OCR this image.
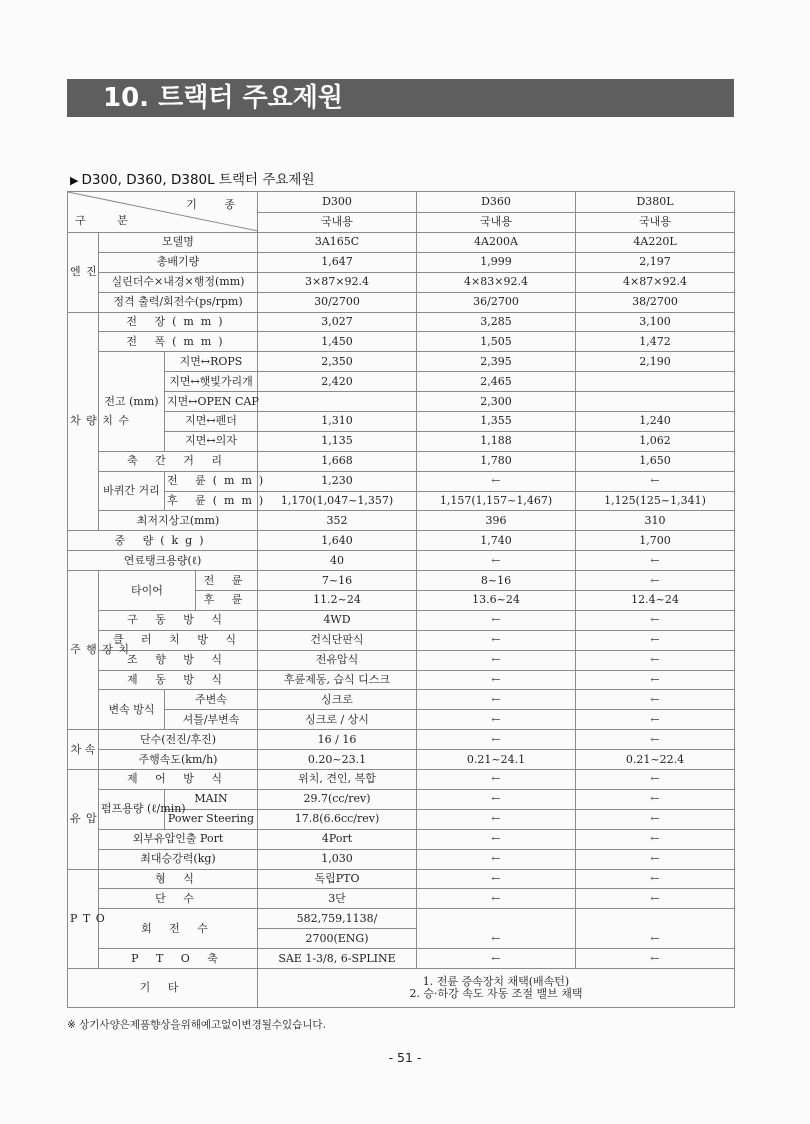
10. 트랙터 주요제원
▶ D300, D360, D380L 트랙터 주요제원
기 종
구 분				D300	D360	D380L
				국내용	국내용	국내용
엔 진	모델명			3A165C	4A200A	4A220L
	총배기량			1,647	1,999	2,197
	실린더수×내경×행정(mm)			3×87×92.4	4×83×92.4	4×87×92.4
	정격 출력/회전수(ps/rpm)			30/2700	36/2700	38/2700
차 량 치 수	전 장(mm)			3,027	3,285	3,100
	전 폭(mm)			1,450	1,505	1,472
	전고 (mm)	지면↔ROPS		2,350	2,395	2,190
		지면↔햇빛가리개		2,420	2,465	
		지면↔OPEN CAP			2,300	
		지면↔펜더		1,310	1,355	1,240
		지면↔의자		1,135	1,188	1,062
	축 간 거 리			1,668	1,780	1,650
	바퀴간 거리	전 륜(mm)		1,230	←	←
		후 륜(mm)		1,170(1,047~1,357)	1,157(1,157~1,467)	1,125(125~1,341)
	최저지상고(mm)			352	396	310
중 량(kg)				1,640	1,740	1,700
연료탱크용량(ℓ)				40	←	←
주 행 장 치	타이어		전 륜	7~16	8~16	←
			후 륜	11.2~24	13.6~24	12.4~24
	구 동 방 식			4WD	←	←
	클 러 치 방 식			건식단판식	←	←
	조 향 방 식			전유압식	←	←
	제 동 방 식			후륜제동, 습식 디스크	←	←
	변속 방식	주변속		싱크로	←	←
		셔틀/부변속		싱크로 / 상시	←	←
차 속	단수(전진/후진)			16 / 16	←	←
	주행속도(km/h)			0.20~23.1	0.21~24.1	0.21~22.4
유 압	제 어 방 식			위치, 견인, 복합	←	←
	펌프용량 (ℓ/min)	MAIN		29.7(cc/rev)	←	←
		Power Steering		17.8(6.6cc/rev)	←	←
	외부유압인출 Port			4Port	←	←
	최대승강력(kg)			1,030	←	←
P T O	형 식			독립PTO	←	←
	단 수			3단	←	←
	회 전 수			582,759,1138/	←	←
				2700(ENG)		
	P T O 축			SAE 1-3/8, 6-SPLINE	←	←
기 타				1. 전륜 증속장치 채택(배속턴)
2. 승·하강 속도 자동 조절 밸브 채택		
※ 상기사양은제품향상을위해예고없이변경될수있습니다.
- 51 -
